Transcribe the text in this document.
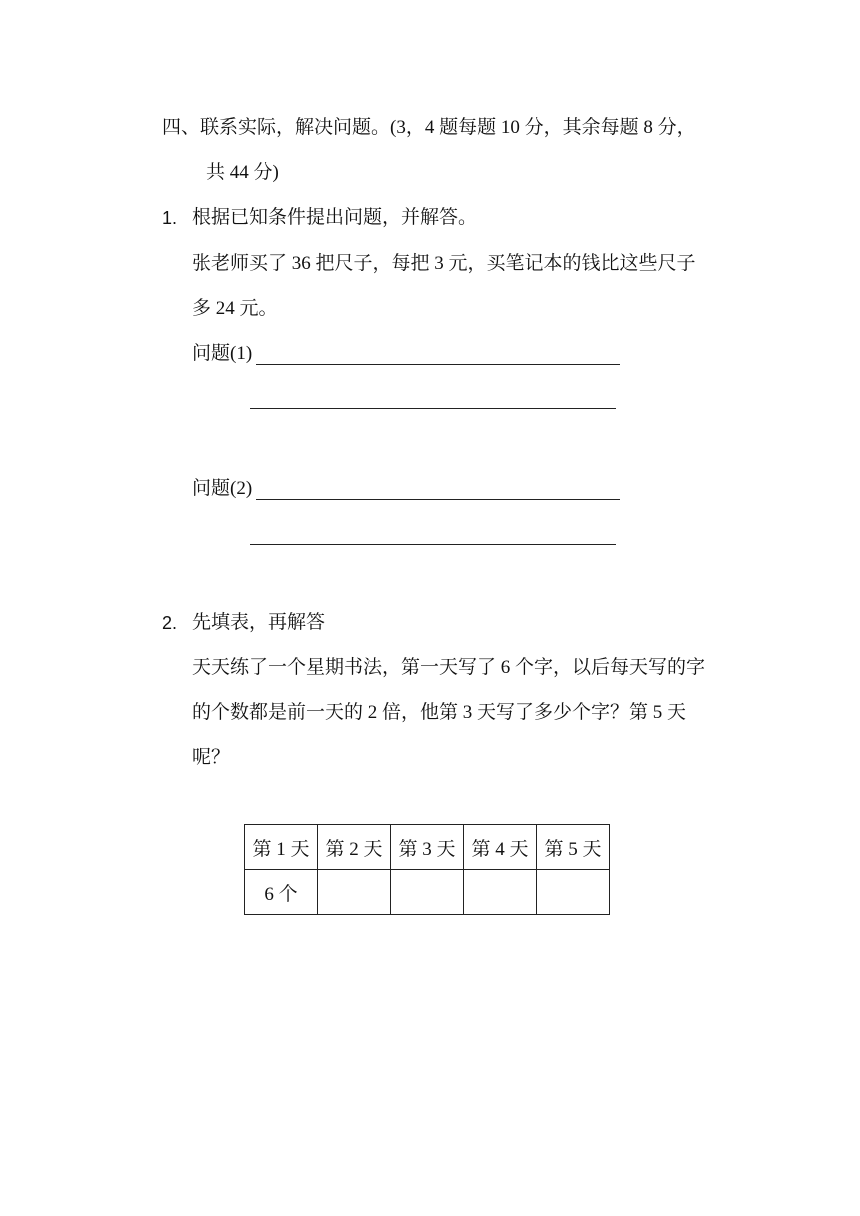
四、联系实际，解决问题。(3，4 题每题 10 分，其余每题 8 分，
共 44 分)
1. 根据已知条件提出问题，并解答。
张老师买了 36 把尺子，每把 3 元，买笔记本的钱比这些尺子
多 24 元。
问题(1)
问题(2)
2. 先填表，再解答
天天练了一个星期书法，第一天写了 6 个字，以后每天写的字
的个数都是前一天的 2 倍，他第 3 天写了多少个字？第 5 天
呢？
第 1 天	第 2 天	第 3 天	第 4 天	第 5 天
6 个				
